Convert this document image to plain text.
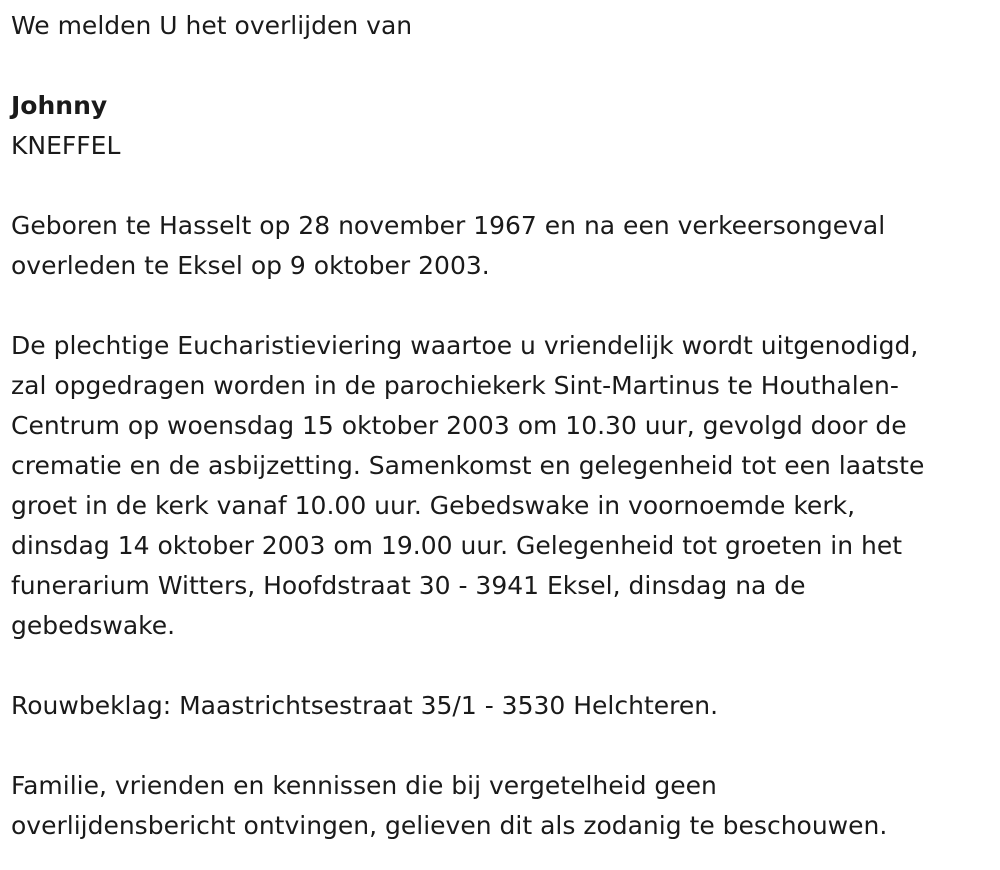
We melden U het overlijden van

Johnny

KNEFFEL

Geboren te Hasselt op 28 november 1967 en na een verkeersongeval
overleden te Eksel op 9 oktober 2003.

De plechtige Eucharistieviering waartoe u vriendelijk wordt uitgenodigd,
zal opgedragen worden in de parochiekerk Sint-Martinus te Houthalen-
Centrum op woensdag 15 oktober 2003 om 10.30 uur, gevolgd door de
crematie en de asbijzetting. Samenkomst en gelegenheid tot een laatste
groet in de kerk vanaf 10.00 uur. Gebedswake in voornoemde kerk,
dinsdag 14 oktober 2003 om 19.00 uur. Gelegenheid tot groeten in het
funerarium Witters, Hoofdstraat 30 - 3941 Eksel, dinsdag na de
gebedswake.

Rouwbeklag: Maastrichtsestraat 35/1 - 3530 Helchteren.

Familie, vrienden en kennissen die bij vergetelheid geen
overlijdensbericht ontvingen, gelieven dit als zodanig te beschouwen.
